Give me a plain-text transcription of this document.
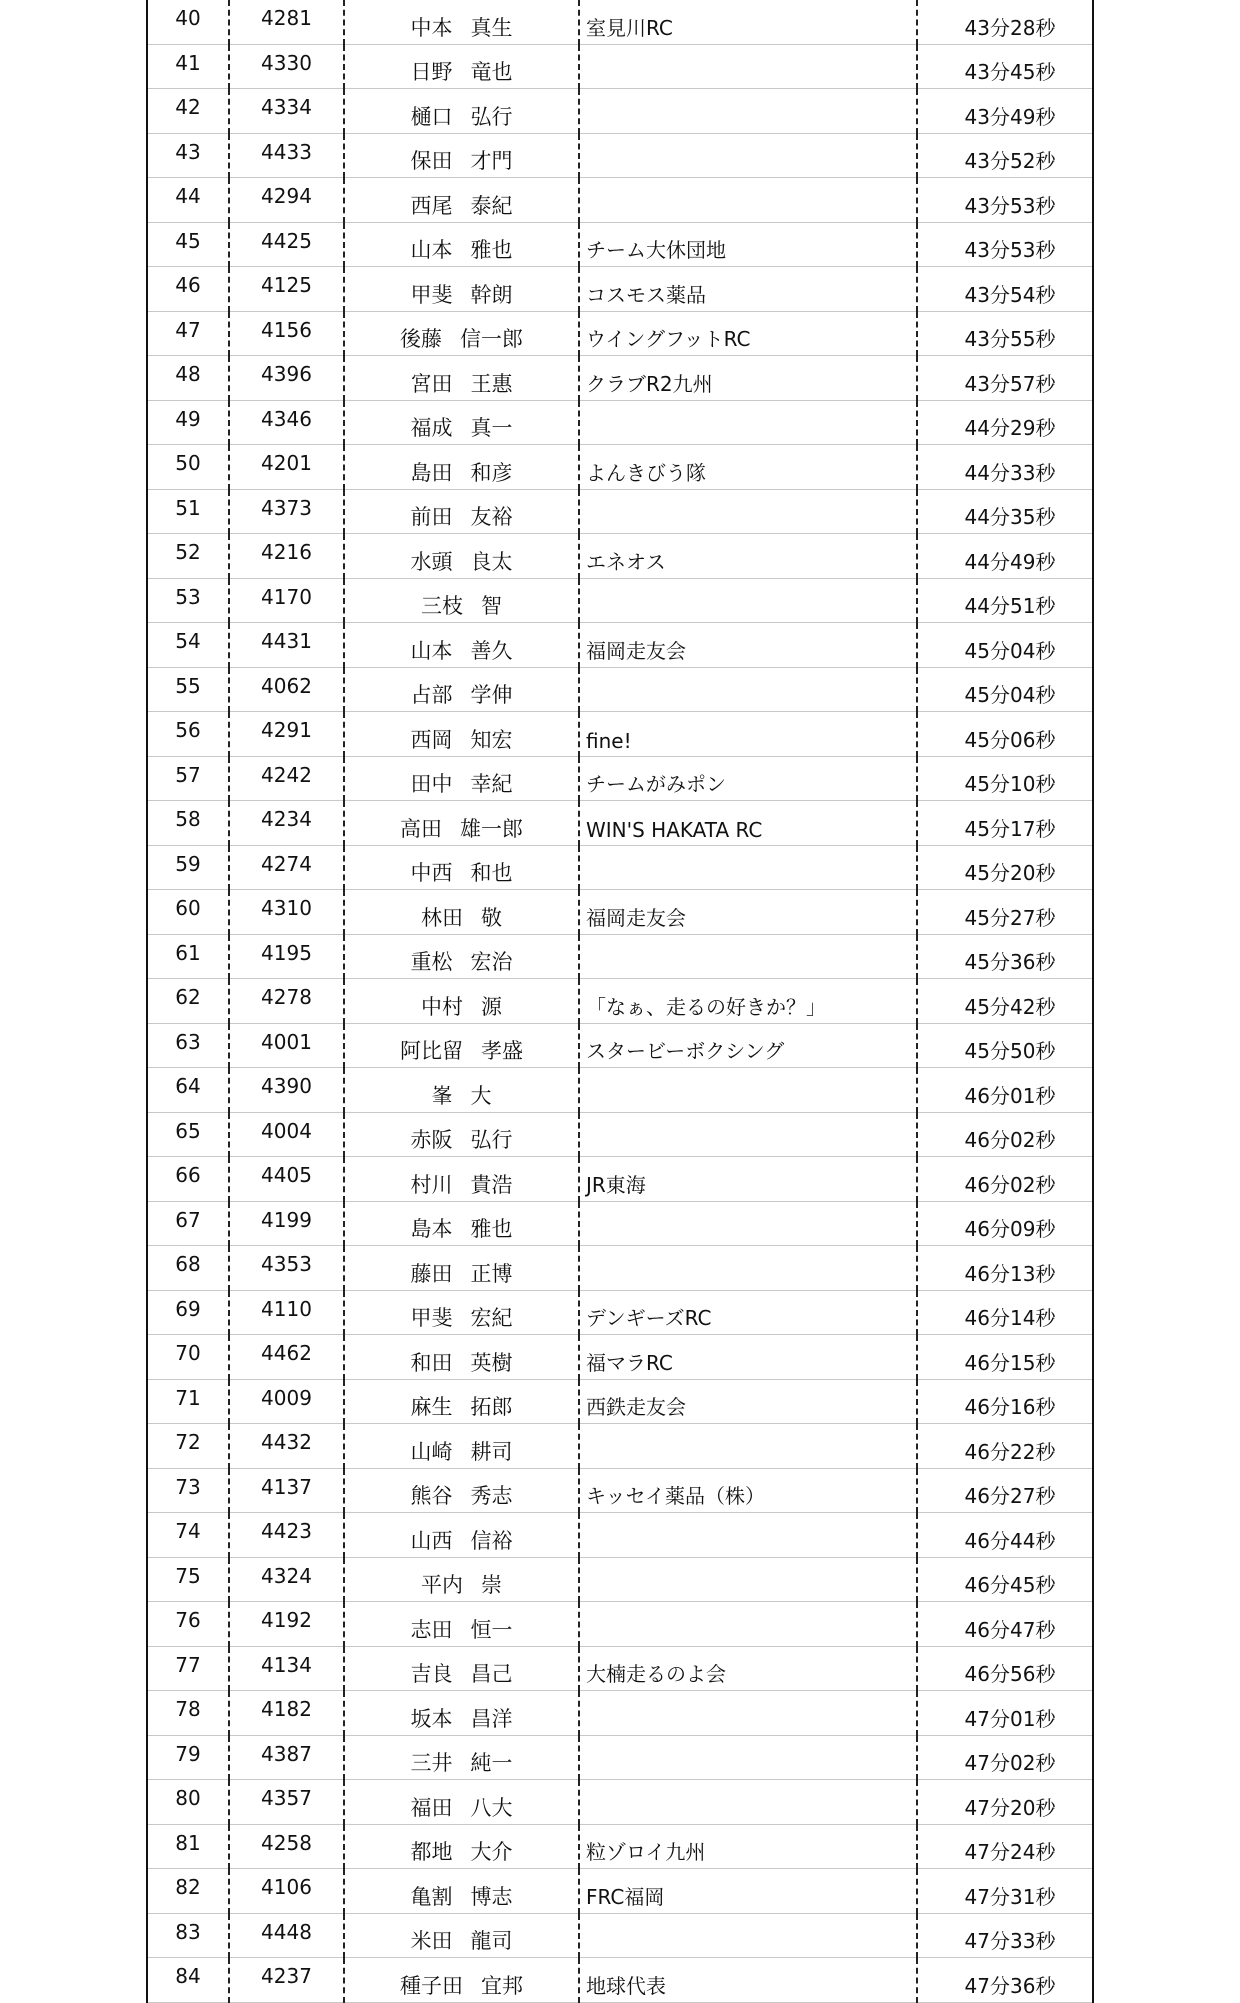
40	4281	中本 真生	室見川RC	43分28秒
41	4330	日野 竜也		43分45秒
42	4334	樋口 弘行		43分49秒
43	4433	保田 才門		43分52秒
44	4294	西尾 泰紀		43分53秒
45	4425	山本 雅也	チーム大休団地	43分53秒
46	4125	甲斐 幹朗	コスモス薬品	43分54秒
47	4156	後藤 信一郎	ウイングフットRC	43分55秒
48	4396	宮田 王惠	クラブR2九州	43分57秒
49	4346	福成 真一		44分29秒
50	4201	島田 和彦	よんきびう隊	44分33秒
51	4373	前田 友裕		44分35秒
52	4216	水頭 良太	エネオス	44分49秒
53	4170	三枝 智		44分51秒
54	4431	山本 善久	福岡走友会	45分04秒
55	4062	占部 学伸		45分04秒
56	4291	西岡 知宏	fine!	45分06秒
57	4242	田中 幸紀	チームがみポン	45分10秒
58	4234	高田 雄一郎	WIN'S HAKATA RC	45分17秒
59	4274	中西 和也		45分20秒
60	4310	林田 敬	福岡走友会	45分27秒
61	4195	重松 宏治		45分36秒
62	4278	中村 源	「なぁ、走るの好きか？」	45分42秒
63	4001	阿比留 孝盛	スタービーボクシング	45分50秒
64	4390	峯 大		46分01秒
65	4004	赤阪 弘行		46分02秒
66	4405	村川 貴浩	JR東海	46分02秒
67	4199	島本 雅也		46分09秒
68	4353	藤田 正博		46分13秒
69	4110	甲斐 宏紀	デンギーズRC	46分14秒
70	4462	和田 英樹	福マラRC	46分15秒
71	4009	麻生 拓郎	西鉄走友会	46分16秒
72	4432	山崎 耕司		46分22秒
73	4137	熊谷 秀志	キッセイ薬品（株）	46分27秒
74	4423	山西 信裕		46分44秒
75	4324	平内 崇		46分45秒
76	4192	志田 恒一		46分47秒
77	4134	吉良 昌己	大楠走るのよ会	46分56秒
78	4182	坂本 昌洋		47分01秒
79	4387	三井 純一		47分02秒
80	4357	福田 八大		47分20秒
81	4258	都地 大介	粒ゾロイ九州	47分24秒
82	4106	亀割 博志	FRC福岡	47分31秒
83	4448	米田 龍司		47分33秒
84	4237	種子田 宜邦	地球代表	47分36秒
